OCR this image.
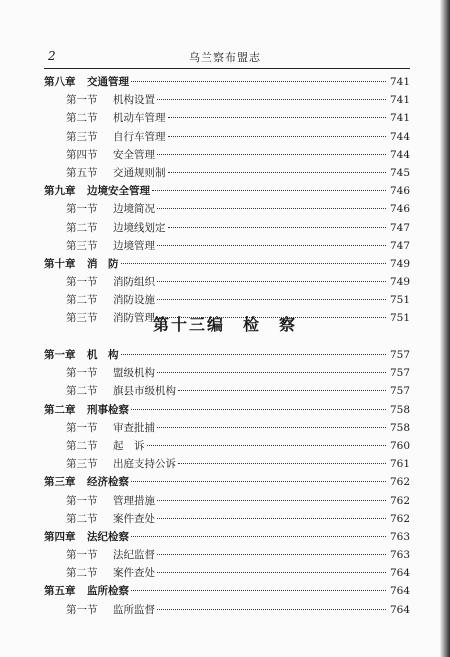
2	乌兰察布盟志
第八章	交通管理	741
第一节	机构设置	741
第二节	机动车管理	741
第三节	自行车管理	744
第四节	安全管理	744
第五节	交通规则制	745
第九章	边境安全管理	746
第一节	边境简况	746
第二节	边境线划定	747
第三节	边境管理	747
第十章	消　防	749
第一节	消防组织	749
第二节	消防设施	751
第三节	消防管理	751
第十三编　检　察
第一章	机　构	757
第一节	盟级机构	757
第二节	旗县市级机构	757
第二章	刑事检察	758
第一节	审查批捕	758
第二节	起　诉	760
第三节	出庭支持公诉	761
第三章	经济检察	762
第一节	管理措施	762
第二节	案件查处	762
第四章	法纪检察	763
第一节	法纪监督	763
第二节	案件查处	764
第五章	监所检察	764
第一节	监所监督	764
